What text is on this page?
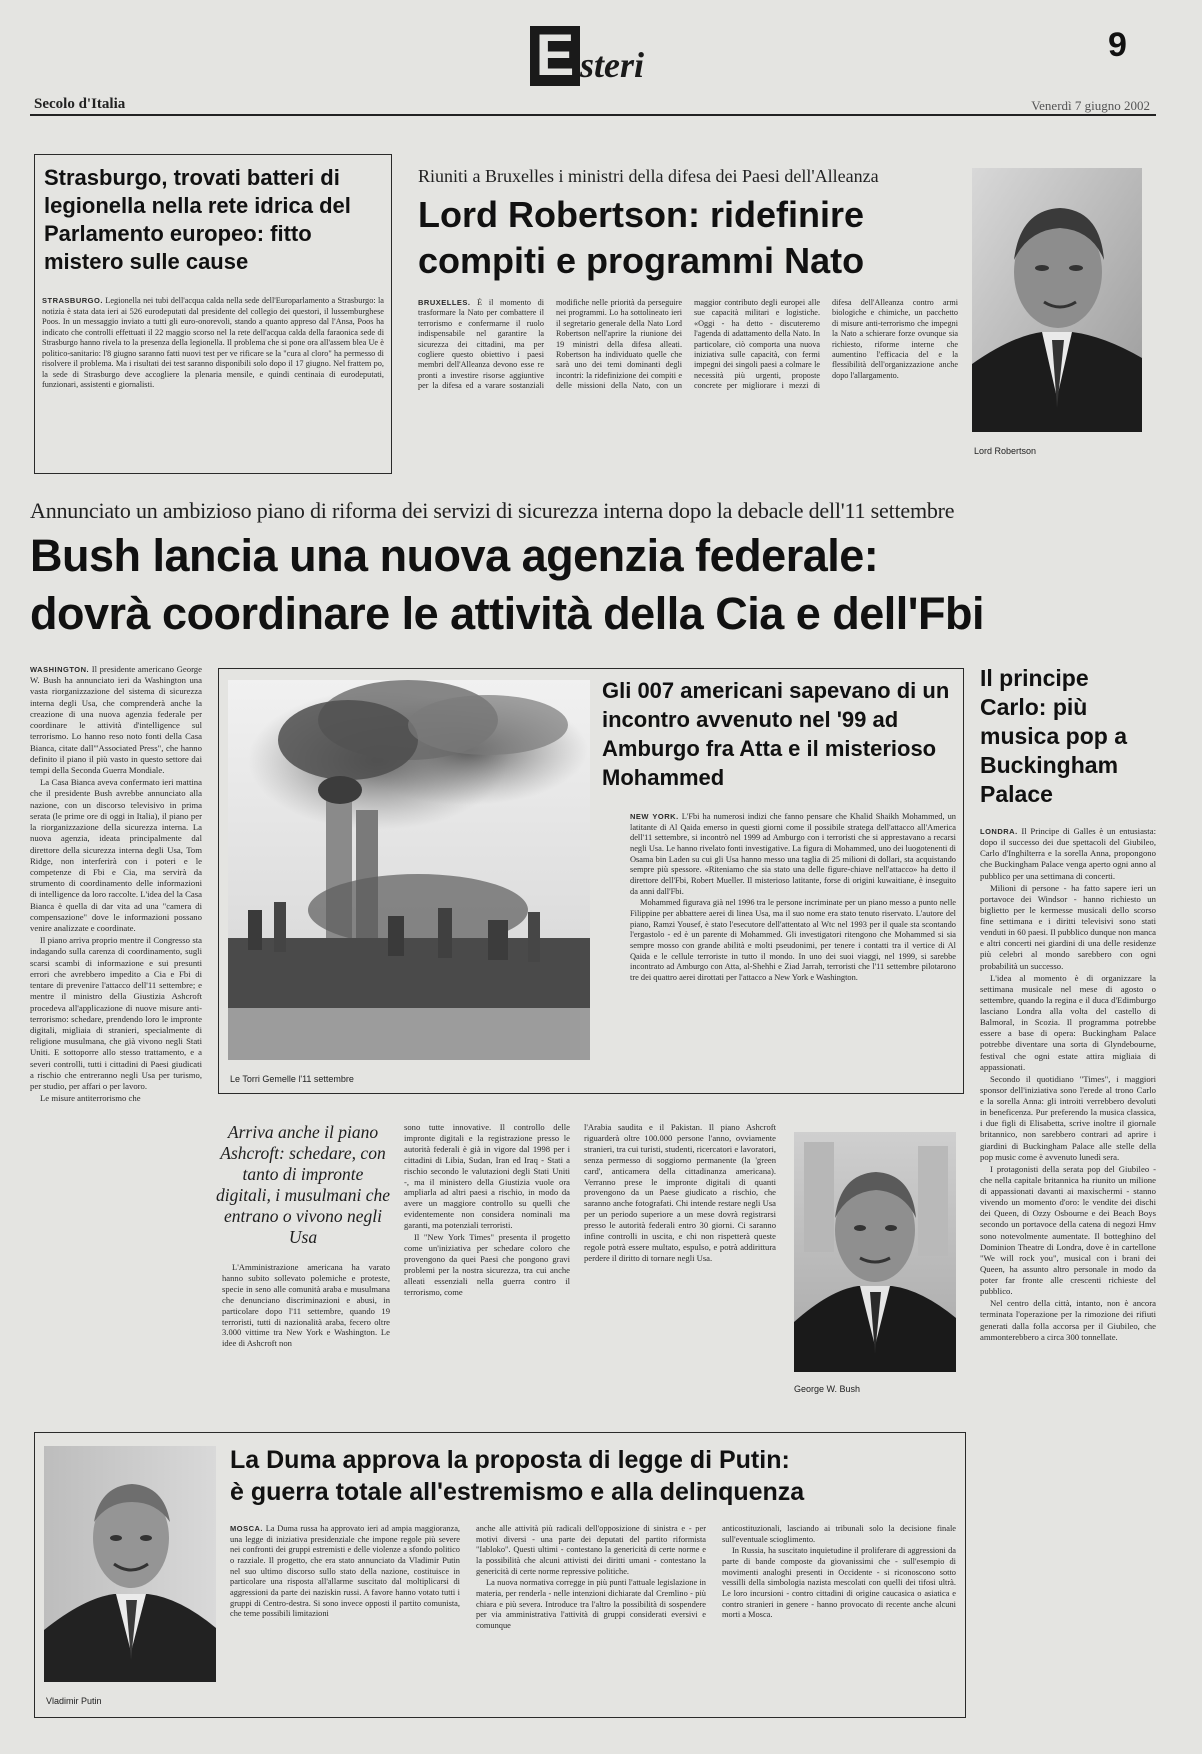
E steri	9
Secolo d'Italia	Venerdì 7 giugno 2002
Strasburgo, trovati batteri di legionella nella rete idrica del Parlamento europeo: fitto mistero sulle cause

STRASBURGO. Legionella nei tubi dell'acqua calda nella sede dell'Europarlamento a Strasburgo: la notizia è stata data ieri ai 526 eurodeputati dal presidente del collegio dei questori, il lussemburghese Poos. In un messaggio inviato a tutti gli euro-onorevoli, stando a quanto appreso dal l'Ansa, Poos ha indicato che controlli effettuati il 22 maggio scorso nel la rete dell'acqua calda della faraonica sede di Strasburgo hanno rivela to la presenza della legionella. Il problema che si pone ora all'assem blea Ue è politico-sanitario: l'8 giugno saranno fatti nuovi test per ve rificare se la "cura al cloro" ha permesso di risolvere il problema. Ma i risultati dei test saranno disponibili solo dopo il 17 giugno. Nel frattem po, la sede di Strasburgo deve accogliere la plenaria mensile, e quindi centinaia di eurodeputati, funzionari, assistenti e giornalisti.

Riuniti a Bruxelles i ministri della difesa dei Paesi dell'Alleanza
Lord Robertson: ridefinire compiti e programmi Nato

BRUXELLES. È il momento di trasformare la Nato per combattere il terrorismo e confermarne il ruolo indispensabile nel garantire la sicurezza dei cittadini, ma per cogliere questo obiettivo i paesi membri dell'Alleanza devono esse re pronti a investire risorse aggiuntive per la difesa ed a varare sostanziali modifiche nelle priorità da perseguire nei programmi. Lo ha sottolineato ieri il segretario generale della Nato Lord Robertson nell'aprire la riunione dei 19 ministri della difesa alleati. Robertson ha individuato quelle che sarà uno dei temi dominanti degli incontri: la ridefinizione dei compiti e delle missioni della Nato, con un maggior contributo degli europei alle sue capacità militari e logistiche. «Oggi - ha detto - discuteremo l'agenda di adattamento della Nato. In particolare, ciò comporta una nuova iniziativa sulle capacità, con fermi impegni dei singoli paesi a colmare le necessità più urgenti, proposte concrete per migliorare i mezzi di difesa dell'Alleanza contro armi biologiche e chimiche, un pacchetto di misure anti-terrorismo che impegni la Nato a schierare forze ovunque sia richiesto, riforme interne che aumentino l'efficacia del e la flessibilità dell'organizzazione anche dopo l'allargamento.

Lord Robertson
Annunciato un ambizioso piano di riforma dei servizi di sicurezza interna dopo la debacle dell'11 settembre
Bush lancia una nuova agenzia federale:
dovrà coordinare le attività della Cia e dell'Fbi

WASHINGTON. Il presidente americano George W. Bush ha annunciato ieri da Washington una vasta riorganizzazione del sistema di sicurezza interna degli Usa, che comprenderà anche la creazione di una nuova agenzia federale per coordinare le attività d'intelligence sul terrorismo. Lo hanno reso noto fonti della Casa Bianca, citate dall'"Associated Press", che hanno definito il piano il più vasto in questo settore dai tempi della Seconda Guerra Mondiale.

La Casa Bianca aveva confermato ieri mattina che il presidente Bush avrebbe annunciato alla nazione, con un discorso televisivo in prima serata (le prime ore di oggi in Italia), il piano per la riorganizzazione della sicurezza interna. La nuova agenzia, ideata principalmente dal direttore della sicurezza interna degli Usa, Tom Ridge, non interferirà con i poteri e le competenze di Fbi e Cia, ma servirà da strumento di coordinamento delle informazioni di intelligence da loro raccolte. L'idea del la Casa Bianca è quella di dar vita ad una "camera di compensazione" dove le informazioni possano venire analizzate e coordinate.

Il piano arriva proprio mentre il Congresso sta indagando sulla carenza di coordinamento, sugli scarsi scambi di informazione e sui presunti errori che avrebbero impedito a Cia e Fbi di tentare di prevenire l'attacco dell'11 settembre; e mentre il ministro della Giustizia Ashcroft procedeva all'applicazione di nuove misure anti-terrorismo: schedare, prendendo loro le impronte digitali, migliaia di stranieri, specialmente di religione musulmana, che già vivono negli Stati Uniti. E sottoporre allo stesso trattamento, e a severi controlli, tutti i cittadini di Paesi giudicati a rischio che entreranno negli Usa per turismo, per studio, per affari o per lavoro.

Le misure antiterrorismo che

Le Torri Gemelle l'11 settembre
Gli 007 americani sapevano di un incontro avvenuto nel '99 ad Amburgo fra Atta e il misterioso Mohammed

NEW YORK. L'Fbi ha numerosi indizi che fanno pensare che Khalid Shaikh Mohammed, un latitante di Al Qaida emerso in questi giorni come il possibile stratega dell'attacco all'America dell'11 settembre, si incontrò nel 1999 ad Amburgo con i terroristi che si apprestavano a recarsi negli Usa. Le hanno rivelato fonti investigative. La figura di Mohammed, uno dei luogotenenti di Osama bin Laden su cui gli Usa hanno messo una taglia di 25 milioni di dollari, sta acquistando sempre più spessore. «Riteniamo che sia stato una delle figure-chiave nell'attacco» ha detto il direttore dell'Fbi, Robert Mueller. Il misterioso latitante, forse di origini kuwaitiane, è inseguito da anni dall'Fbi.

Mohammed figurava già nel 1996 tra le persone incriminate per un piano messo a punto nelle Filippine per abbattere aerei di linea Usa, ma il suo nome era stato tenuto riservato. L'autore del piano, Ramzi Yousef, è stato l'esecutore dell'attentato al Wtc nel 1993 per il quale sta scontando l'ergastolo - ed è un parente di Mohammed. Gli investigatori ritengono che Mohammed si sia sempre mosso con grande abilità e molti pseudonimi, per tenere i contatti tra il vertice di Al Qaida e le cellule terroriste in tutto il mondo. In uno dei suoi viaggi, nel 1999, si sarebbe incontrato ad Amburgo con Atta, al-Shehhi e Ziad Jarrah, terroristi che l'11 settembre pilotarono tre dei quattro aerei dirottati per l'attacco a New York e Washington.

Arriva anche il piano Ashcroft: schedare, con tanto di impronte digitali, i musulmani che entrano o vivono negli Usa

L'Amministrazione americana ha varato hanno subito sollevato polemiche e proteste, specie in seno alle comunità araba e musulmana che denunciano discriminazioni e abusi, in particolare dopo l'11 settembre, quando 19 terroristi, tutti di nazionalità araba, fecero oltre 3.000 vittime tra New York e Washington. Le idee di Ashcroft non

sono tutte innovative. Il controllo delle impronte digitali e la registrazione presso le autorità federali è già in vigore dal 1998 per i cittadini di Libia, Sudan, Iran ed Iraq - Stati a rischio secondo le valutazioni degli Stati Uniti -, ma il ministero della Giustizia vuole ora ampliarla ad altri paesi a rischio, in modo da avere un maggiore controllo su quelli che evidentemente non considera nominali ma garanti, ma potenziali terroristi.

Il "New York Times" presenta il progetto come un'iniziativa per schedare coloro che provengono da quei Paesi che pongono gravi problemi per la nostra sicurezza, tra cui anche alleati essenziali nella guerra contro il terrorismo, come

l'Arabia saudita e il Pakistan. Il piano Ashcroft riguarderà oltre 100.000 persone l'anno, ovviamente stranieri, tra cui turisti, studenti, ricercatori e lavoratori, senza permesso di soggiorno permanente (la 'green card', anticamera della cittadinanza americana). Verranno prese le impronte digitali di quanti provengono da un Paese giudicato a rischio, che saranno anche fotografati. Chi intende restare negli Usa per un periodo superiore a un mese dovrà registrarsi presso le autorità federali entro 30 giorni. Ci saranno infine controlli in uscita, e chi non rispetterà queste regole potrà essere multato, espulso, e potrà addirittura perdere il diritto di tornare negli Usa.

George W. Bush
Il principe Carlo: più musica pop a Buckingham Palace

LONDRA. Il Principe di Galles è un entusiasta: dopo il successo dei due spettacoli del Giubileo, Carlo d'Inghilterra e la sorella Anna, propongono che Buckingham Palace venga aperto ogni anno al pubblico per una settimana di concerti.

Milioni di persone - ha fatto sapere ieri un portavoce dei Windsor - hanno richiesto un biglietto per le kermesse musicali dello scorso fine settimana e i diritti televisivi sono stati venduti in 60 paesi. Il pubblico dunque non manca e altri concerti nei giardini di una delle residenze più celebri al mondo sarebbero con ogni probabilità un successo.

L'idea al momento è di organizzare la settimana musicale nel mese di agosto o settembre, quando la regina e il duca d'Edimburgo lasciano Londra alla volta del castello di Balmoral, in Scozia. Il programma potrebbe essere a base di opera: Buckingham Palace potrebbe diventare una sorta di Glyndebourne, festival che ogni estate attira migliaia di appassionati.

Secondo il quotidiano "Times", i maggiori sponsor dell'iniziativa sono l'erede al trono Carlo e la sorella Anna: gli introiti verrebbero devoluti in beneficenza. Pur preferendo la musica classica, i due figli di Elisabetta, scrive inoltre il giornale britannico, non sarebbero contrari ad aprire i giardini di Buckingham Palace alle stelle della pop music come è avvenuto lunedì sera.

I protagonisti della serata pop del Giubileo - che nella capitale britannica ha riunito un milione di appassionati davanti ai maxischermi - stanno vivendo un momento d'oro: le vendite dei dischi dei Queen, di Ozzy Osbourne e dei Beach Boys secondo un portavoce della catena di negozi Hmv sono notevolmente aumentate. Il botteghino del Dominion Theatre di Londra, dove è in cartellone "We will rock you", musical con i brani dei Queen, ha assunto altro personale in modo da poter far fronte alle crescenti richieste del pubblico.

Nel centro della città, intanto, non è ancora terminata l'operazione per la rimozione dei rifiuti generati dalla folla accorsa per il Giubileo, che ammonterebbero a circa 300 tonnellate.

Vladimir Putin
La Duma approva la proposta di legge di Putin:
è guerra totale all'estremismo e alla delinquenza

MOSCA. La Duma russa ha approvato ieri ad ampia maggioranza, una legge di iniziativa presidenziale che impone regole più severe nei confronti dei gruppi estremisti e delle violenze a sfondo politico o razziale. Il progetto, che era stato annunciato da Vladimir Putin nel suo ultimo discorso sullo stato della nazione, costituisce in particolare una risposta all'allarme suscitato dal moltiplicarsi di aggressioni da parte dei naziskin russi. A favore hanno votato tutti i gruppi di Centro-destra. Si sono invece opposti il partito comunista, che teme possibili limitazioni

anche alle attività più radicali dell'opposizione di sinistra e - per motivi diversi - una parte dei deputati del partito riformista "Iabloko". Questi ultimi - contestano la genericità di certe norme e la possibilità che alcuni attivisti dei diritti umani - contestano la genericità di certe norme repressive politiche.

La nuova normativa corregge in più punti l'attuale legislazione in materia, per renderla - nelle intenzioni dichiarate dal Cremlino - più chiara e più severa. Introduce tra l'altro la possibilità di sospendere per via amministrativa l'attività di gruppi considerati eversivi e comunque

anticostituzionali, lasciando ai tribunali solo la decisione finale sull'eventuale scioglimento.

In Russia, ha suscitato inquietudine il proliferare di aggressioni da parte di bande composte da giovanissimi che - sull'esempio di movimenti analoghi presenti in Occidente - si riconoscono sotto vessilli della simbologia nazista mescolati con quelli dei tifosi ultrà. Le loro incursioni - contro cittadini di origine caucasica o asiatica e contro stranieri in genere - hanno provocato di recente anche alcuni morti a Mosca.
